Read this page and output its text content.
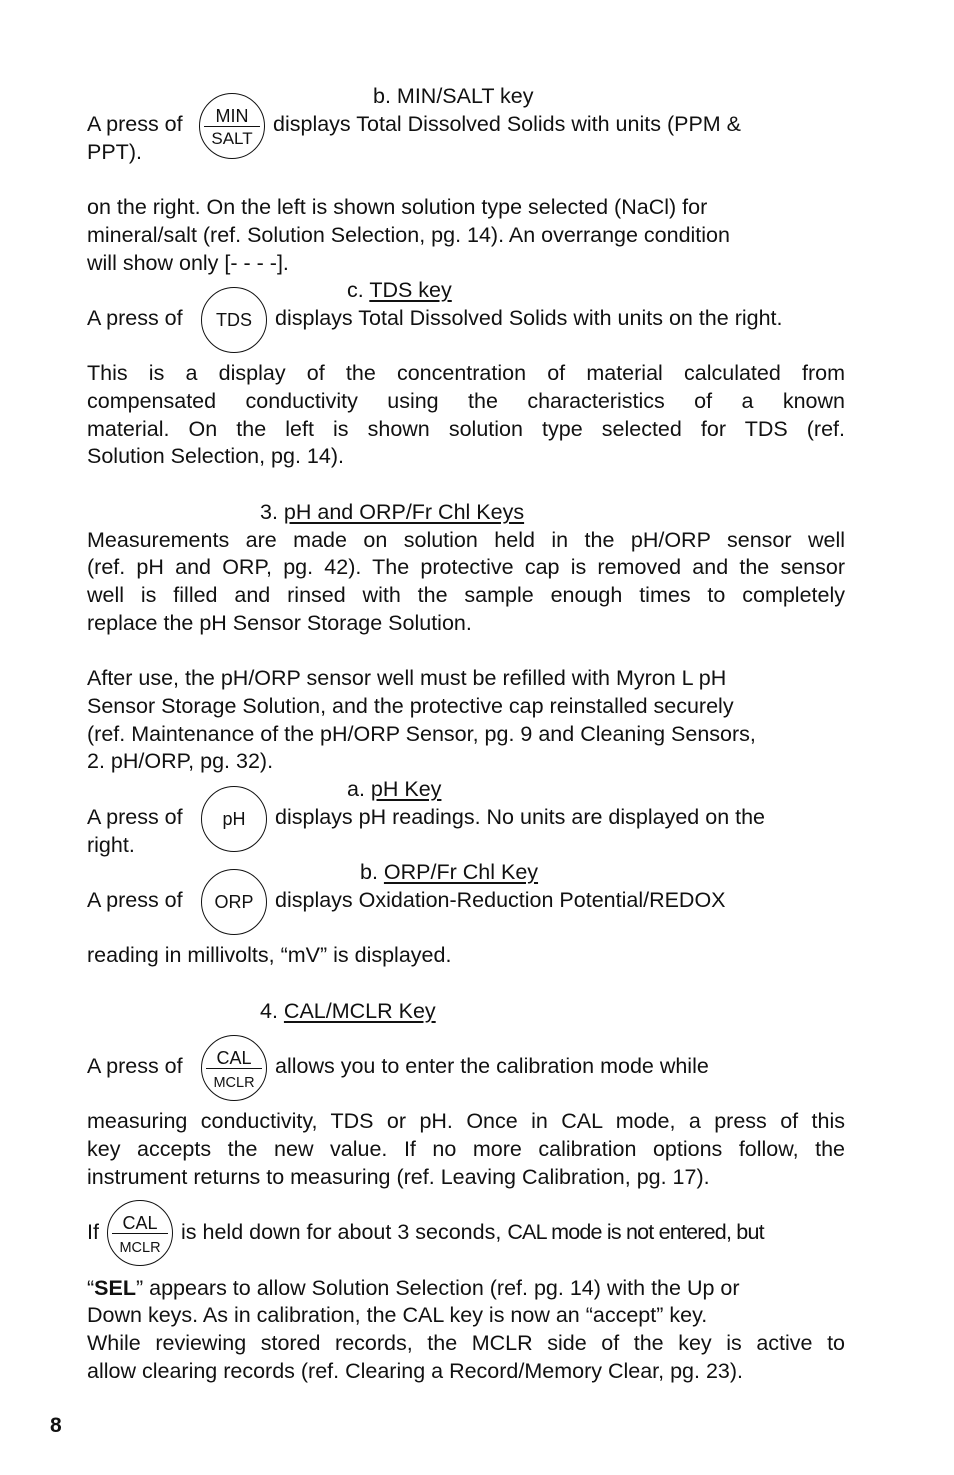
b. MIN/SALT key
A press of	MIN
SALT
displays Total Dissolved Solids with units (PPM &
PPT).
on the right. On the left is shown solution type selected (NaCl) for
mineral/salt (ref. Solution Selection, pg. 14). An overrange condition
will show only [- - - -].
c. TDS key
A press of	TDS	displays Total Dissolved Solids with units on the right.
This is a display of the concentration of material calculated from
compensated conductivity using the characteristics of a known
material. On the left is shown solution type selected for TDS (ref.
Solution Selection, pg. 14).
3. pH and ORP/Fr Chl Keys
Measurements are made on solution held in the pH/ORP sensor well
(ref. pH and ORP, pg. 42). The protective cap is removed and the sensor
well is filled and rinsed with the sample enough times to completely
replace the pH Sensor Storage Solution.
After use, the pH/ORP sensor well must be refilled with Myron L pH
Sensor Storage Solution, and the protective cap reinstalled securely
(ref. Maintenance of the pH/ORP Sensor, pg. 9 and Cleaning Sensors,
2. pH/ORP, pg. 32).
a. pH Key
A press of	pH	displays pH readings. No units are displayed on the
right.
b. ORP/Fr Chl Key
A press of	ORP	displays Oxidation-Reduction Potential/REDOX
reading in millivolts, “mV” is displayed.
4. CAL/MCLR Key
A press of	CAL
MCLR
allows you to enter the calibration mode while
measuring conductivity, TDS or pH. Once in CAL mode, a press of this
key accepts the new value. If no more calibration options follow, the
instrument returns to measuring (ref. Leaving Calibration, pg. 17).
If	CAL
MCLR
is held down for about 3 seconds, CAL mode is not entered, but
“SEL” appears to allow Solution Selection (ref. pg. 14) with the Up or
Down keys. As in calibration, the CAL key is now an “accept” key.
While reviewing stored records, the MCLR side of the key is active to
allow clearing records (ref. Clearing a Record/Memory Clear, pg. 23).
8
